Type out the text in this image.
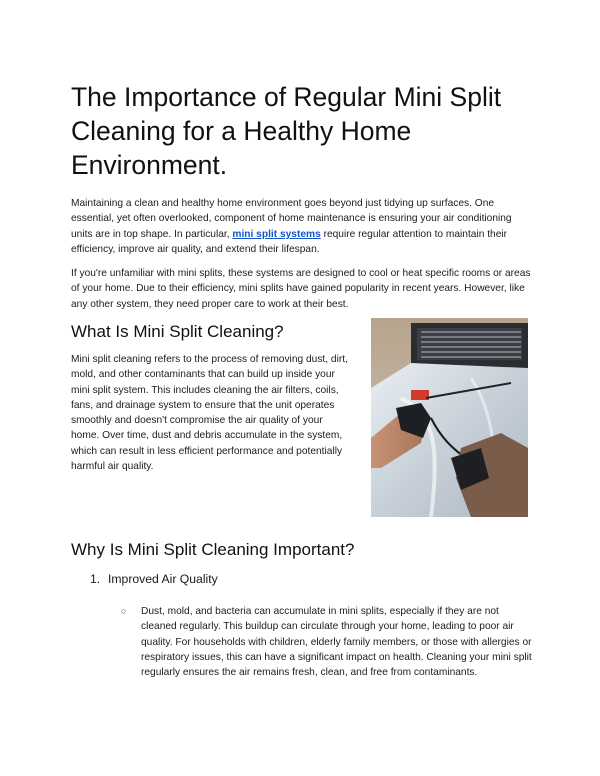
The Importance of Regular Mini Split Cleaning for a Healthy Home Environment.

Maintaining a clean and healthy home environment goes beyond just tidying up surfaces. One essential, yet often overlooked, component of home maintenance is ensuring your air conditioning units are in top shape. In particular, mini split systems require regular attention to maintain their efficiency, improve air quality, and extend their lifespan.

If you're unfamiliar with mini splits, these systems are designed to cool or heat specific rooms or areas of your home. Due to their efficiency, mini splits have gained popularity in recent years. However, like any other system, they need proper care to work at their best.

What Is Mini Split Cleaning?

Mini split cleaning refers to the process of removing dust, dirt, mold, and other contaminants that can build up inside your mini split system. This includes cleaning the air filters, coils, fans, and drainage system to ensure that the unit operates smoothly and doesn't compromise the air quality of your home. Over time, dust and debris accumulate in the system, which can result in less efficient performance and potentially harmful air quality.

Why Is Mini Split Cleaning Important?
1. Improved Air Quality
○ Dust, mold, and bacteria can accumulate in mini splits, especially if they are not cleaned regularly. This buildup can circulate through your home, leading to poor air quality. For households with children, elderly family members, or those with allergies or respiratory issues, this can have a significant impact on health. Cleaning your mini split regularly ensures the air remains fresh, clean, and free from contaminants.
